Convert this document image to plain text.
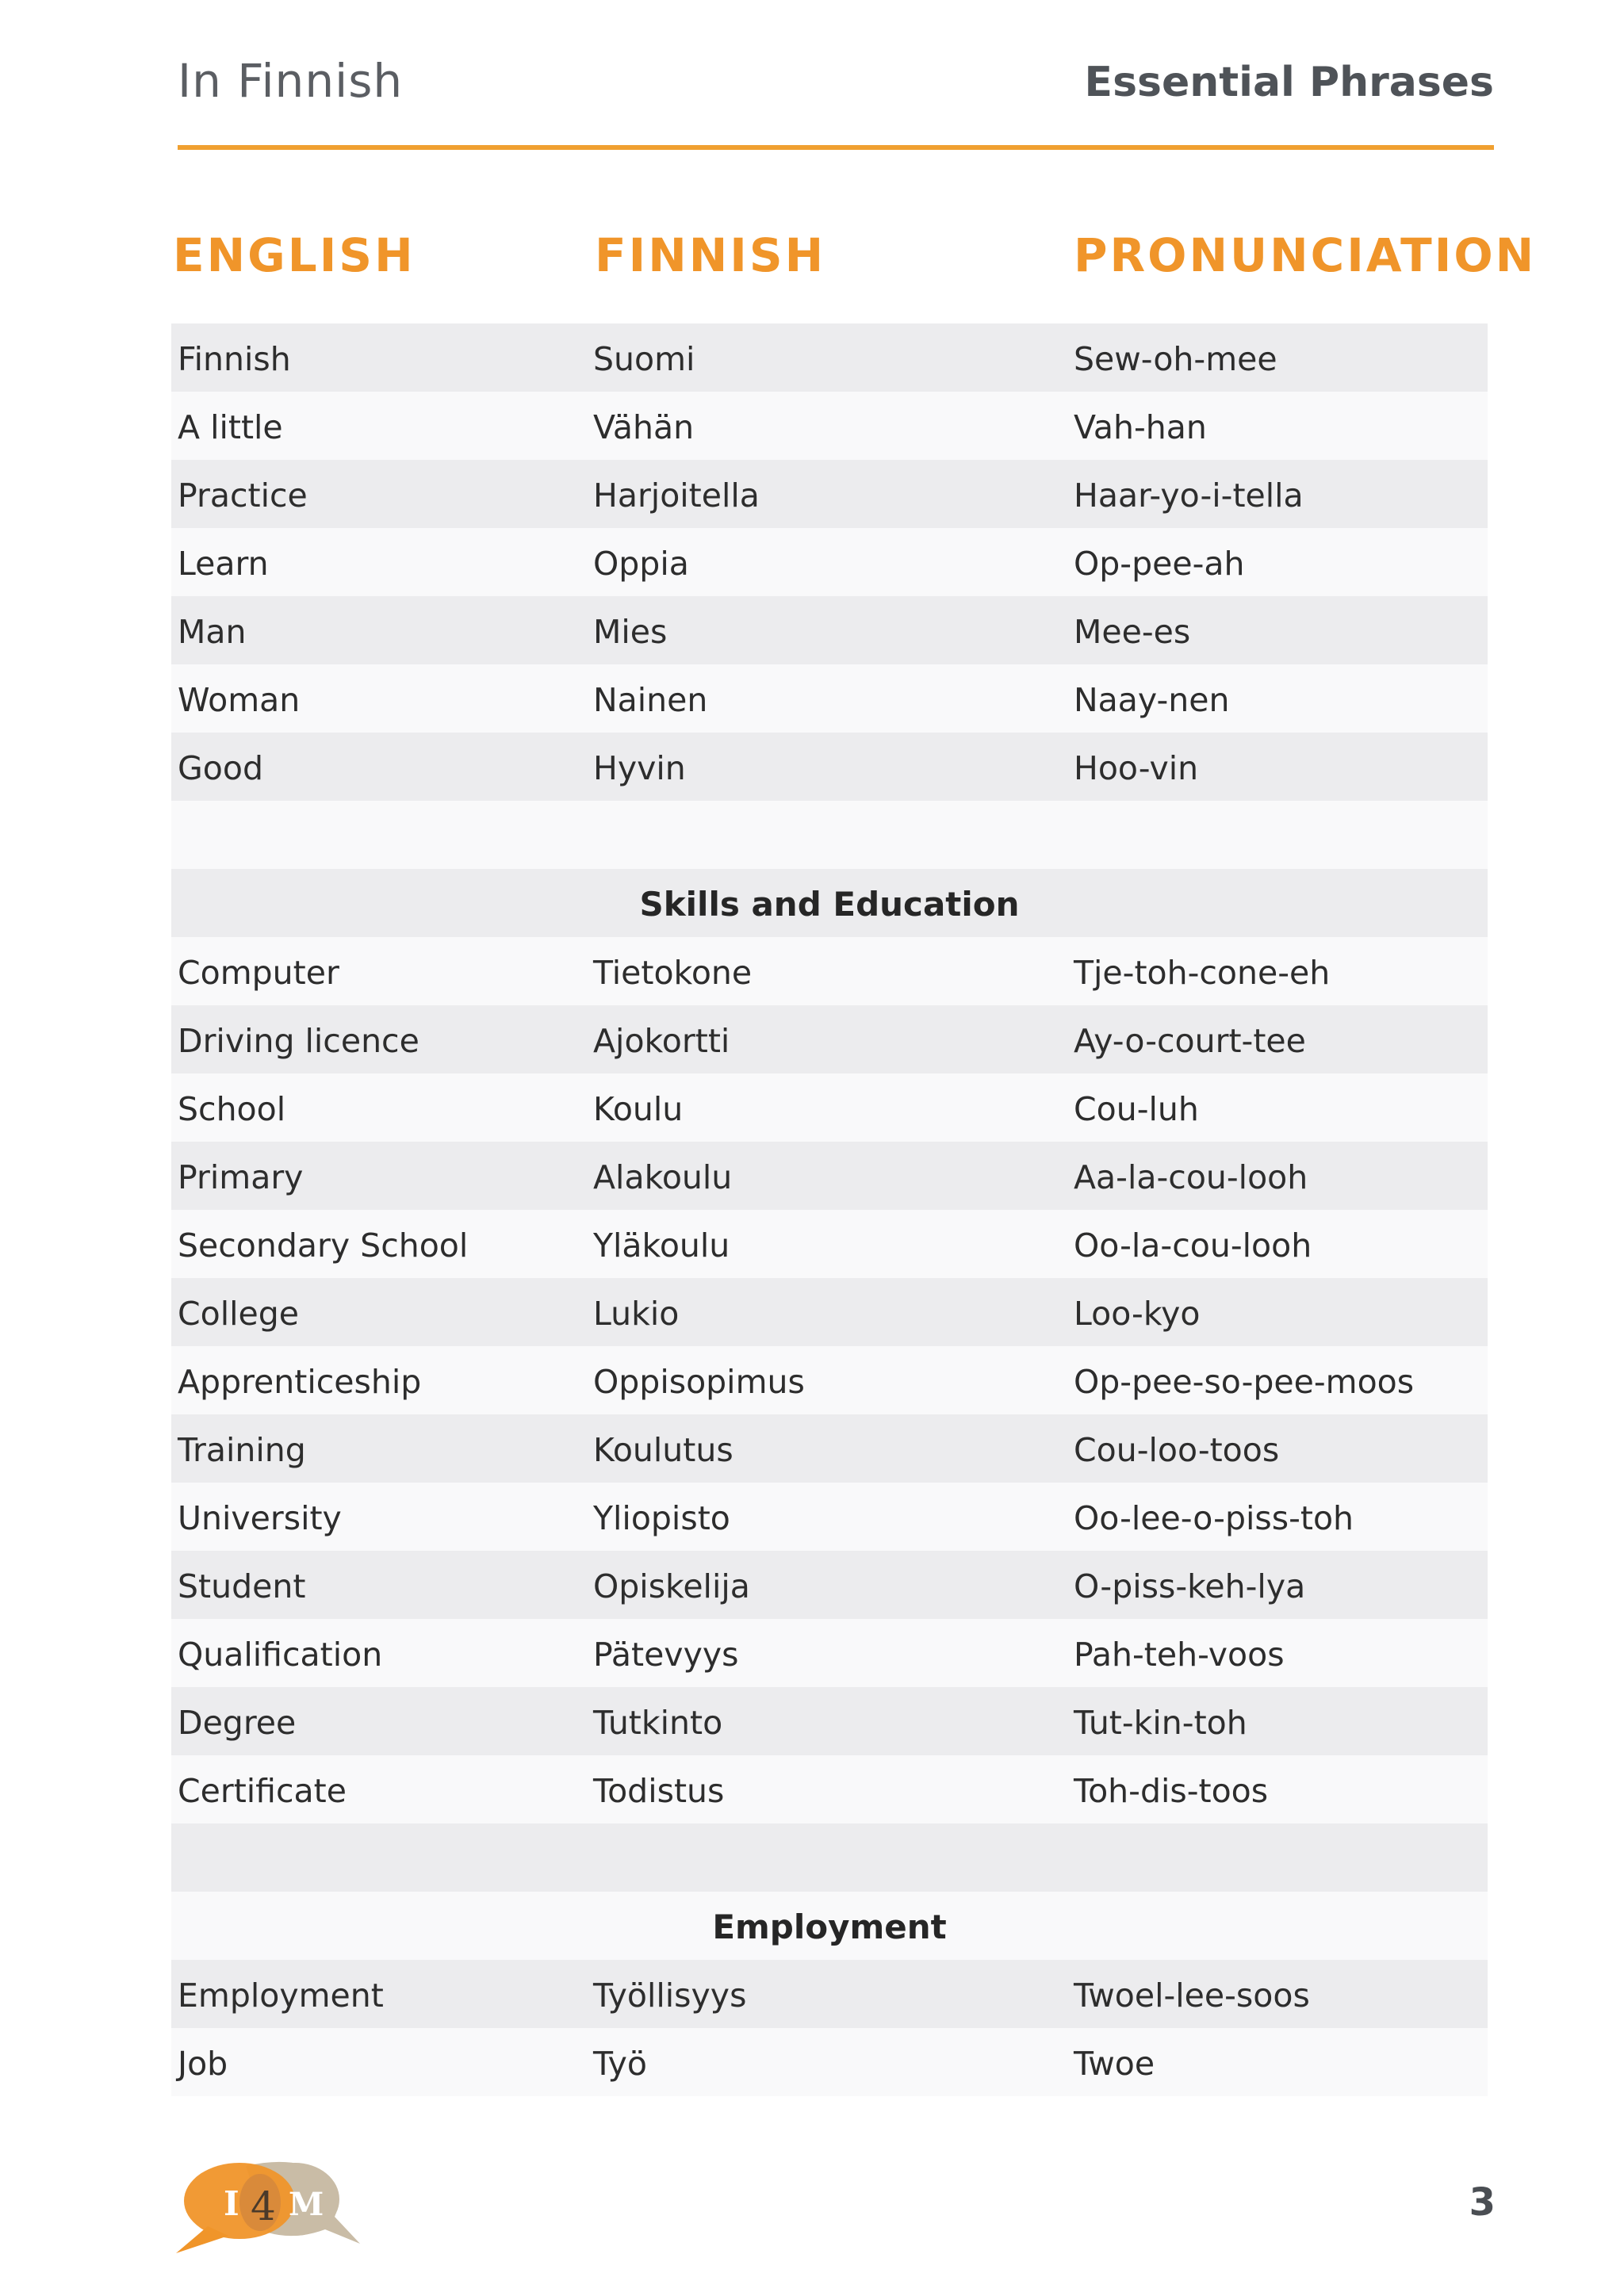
In Finnish	Essential Phrases
ENGLISH	FINNISH	PRONUNCIATION
Finnish	Suomi	Sew-oh-mee
A little	Vähän	Vah-han
Practice	Harjoitella	Haar-yo-i-tella
Learn	Oppia	Op-pee-ah
Man	Mies	Mee-es
Woman	Nainen	Naay-nen
Good	Hyvin	Hoo-vin
Skills and Education
Computer	Tietokone	Tje-toh-cone-eh
Driving licence	Ajokortti	Ay-o-court-tee
School	Koulu	Cou-luh
Primary	Alakoulu	Aa-la-cou-looh
Secondary School	Yläkoulu	Oo-la-cou-looh
College	Lukio	Loo-kyo
Apprenticeship	Oppisopimus	Op-pee-so-pee-moos
Training	Koulutus	Cou-loo-toos
University	Yliopisto	Oo-lee-o-piss-toh
Student	Opiskelija	O-piss-keh-lya
Qualification	Pätevyys	Pah-teh-voos
Degree	Tutkinto	Tut-kin-toh
Certificate	Todistus	Toh-dis-toos
Employment
Employment	Työllisyys	Twoel-lee-soos
Job	Työ	Twoe
I 4 M	3
